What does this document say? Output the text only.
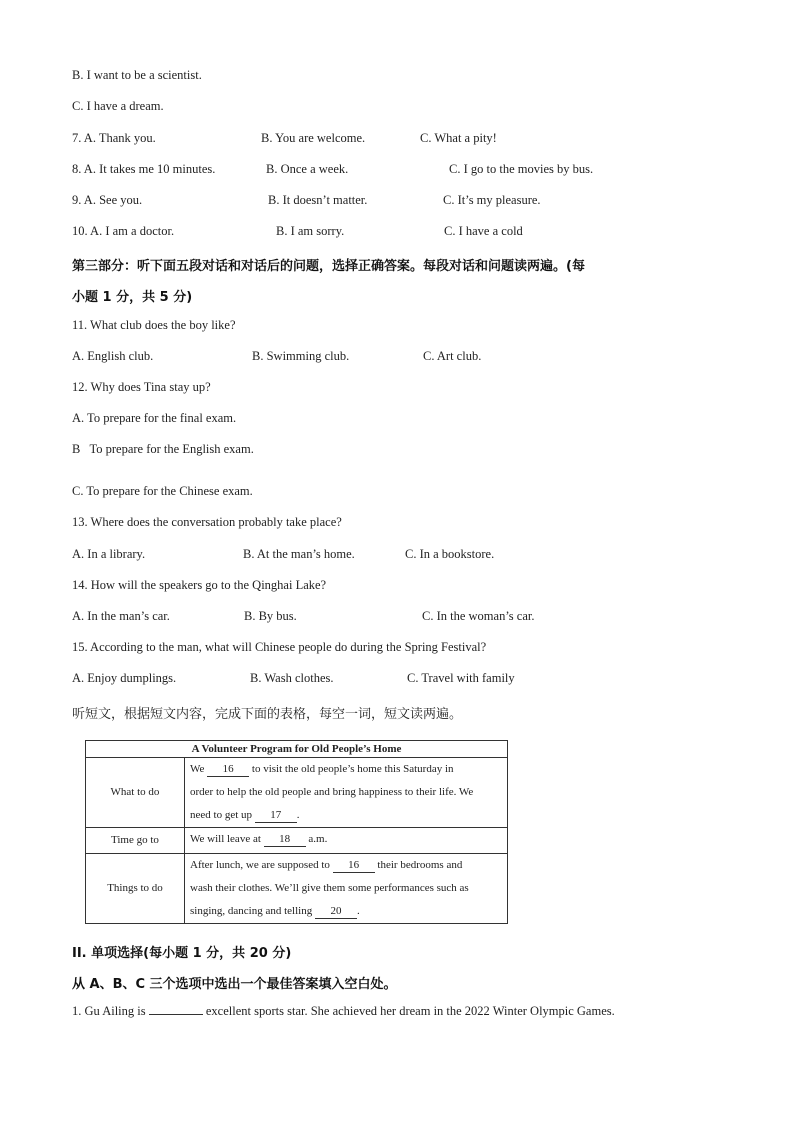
B. I want to be a scientist.
C. I have a dream.
7. A. Thank you.	B. You are welcome.	C. What a pity!
8. A. It takes me 10 minutes.	B. Once a week.	C. I go to the movies by bus.
9. A. See you.	B. It doesn’t matter.	C. It’s my pleasure.
10. A. I am a doctor.	B. I am sorry.	C. I have a cold
第三部分：听下面五段对话和对话后的问题，选择正确答案。每段对话和问题读两遍。(每
小题 1 分，共 5 分)
11. What club does the boy like?
A. English club.	B. Swimming club.	C. Art club.
12. Why does Tina stay up?
A. To prepare for the final exam.
B   To prepare for the English exam.
C. To prepare for the Chinese exam.
13. Where does the conversation probably take place?
A. In a library.	B. At the man’s home.	C. In a bookstore.
14. How will the speakers go to the Qinghai Lake?
A. In the man’s car.	B. By bus.	C. In the woman’s car.
15. According to the man, what will Chinese people do during the Spring Festival?
A. Enjoy dumplings.	B. Wash clothes.	C. Travel with family
听短文，根据短文内容，完成下面的表格，每空一词，短文读两遍。
A Volunteer Program for Old People’s Home	
What to do	We 16 to visit the old people’s home this Saturday in
order to help the old people and bring happiness to their life. We
need to get up 17 .
Time go to	We will leave at 18 a.m.
Things to do	After lunch, we are supposed to 16 their bedrooms and
wash their clothes. We’ll give them some performances such as
singing, dancing and telling 20 .
II. 单项选择(每小题 1 分，共 20 分)
从 A、B、C 三个选项中选出一个最佳答案填入空白处。
1. Gu Ailing is	excellent sports star. She achieved her dream in the 2022 Winter Olympic Games.
